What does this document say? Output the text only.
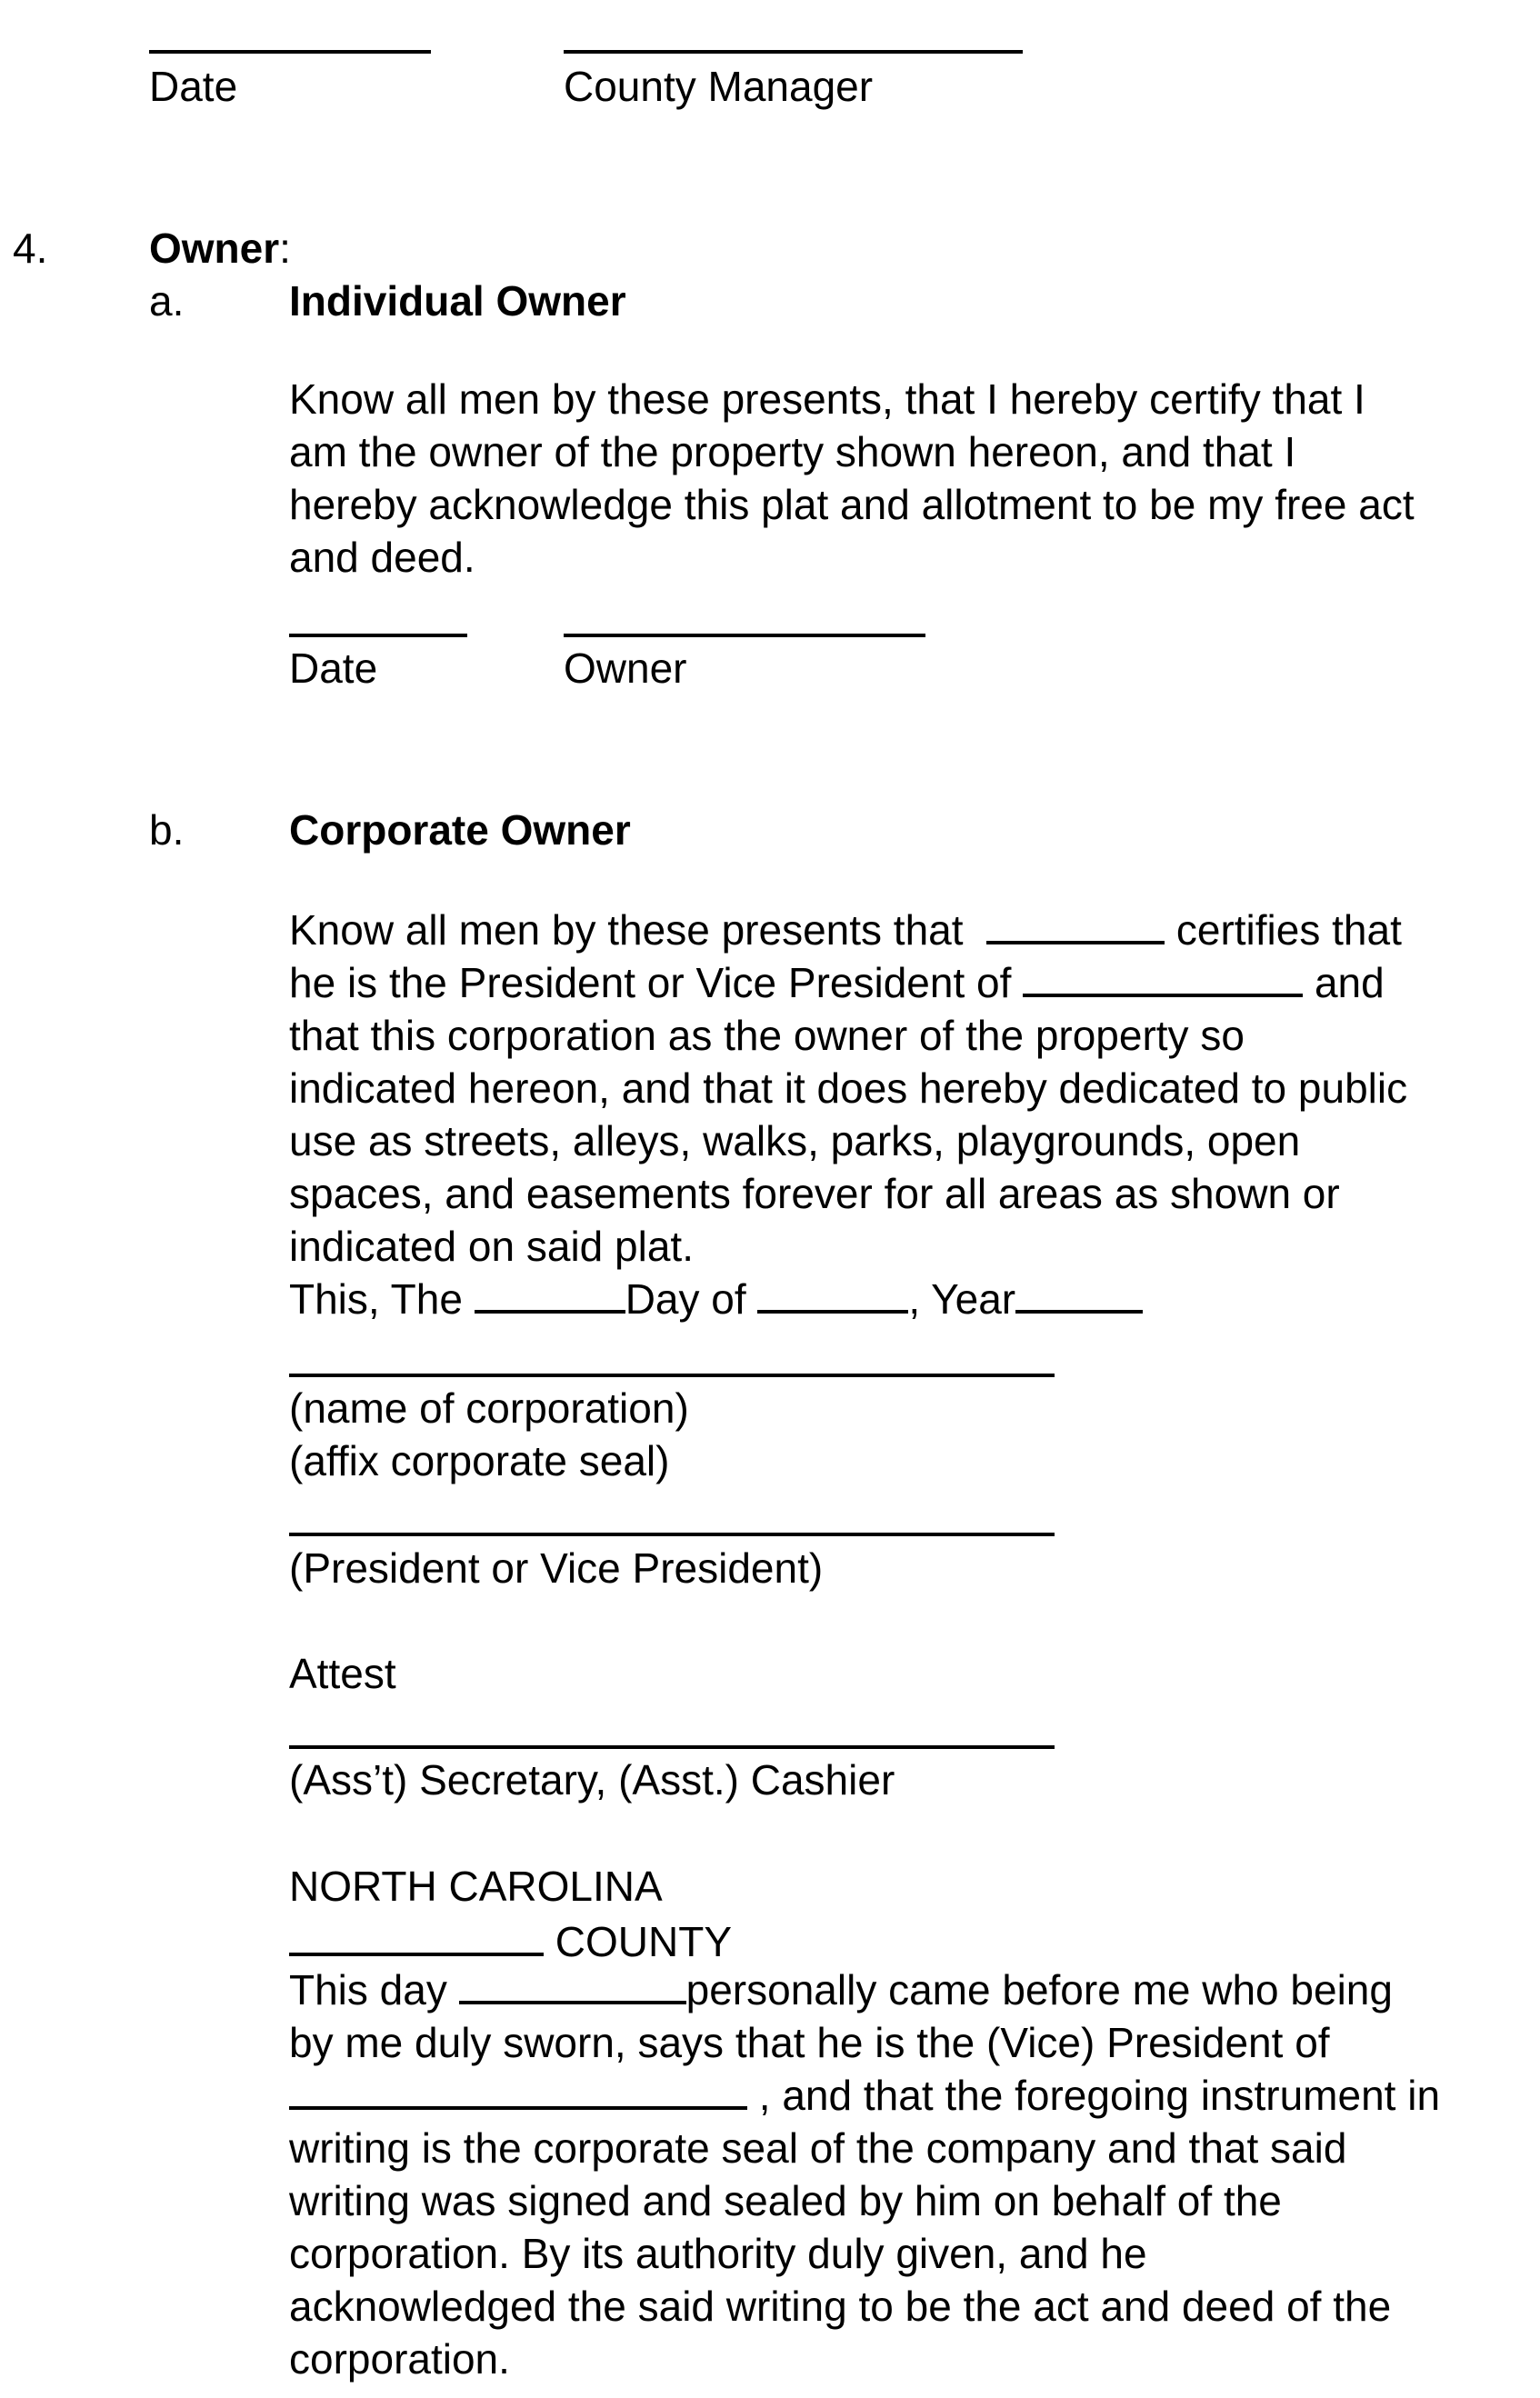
Date	County Manager
4. Owner:
a.	Individual Owner
Know all men by these presents, that I hereby certify that I
am the owner of the property shown hereon, and that I
hereby acknowledge this plat and allotment to be my free act
and deed.
Date	Owner
b.	Corporate Owner
Know all men by these presents that	certifies that
he is the President or Vice President of	and
that this corporation as the owner of the property so
indicated hereon, and that it does hereby dedicated to public
use as streets, alleys, walks, parks, playgrounds, open
spaces, and easements forever for all areas as shown or
indicated on said plat.
This, The	Day of	, Year
(name of corporation)
(affix corporate seal)
(President or Vice President)
Attest
(Ass’t) Secretary, (Asst.) Cashier
NORTH CAROLINA
COUNTY
This day	personally came before me who being
by me duly sworn, says that he is the (Vice) President of
, and that the foregoing instrument in
writing is the corporate seal of the company and that said
writing was signed and sealed by him on behalf of the
corporation. By its authority duly given, and he
acknowledged the said writing to be the act and deed of the
corporation.
